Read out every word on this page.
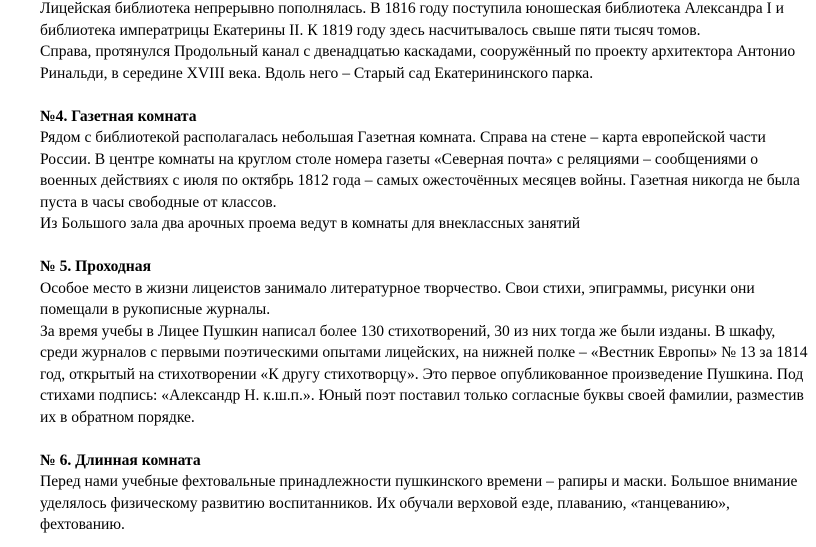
Лицейская библиотека непрерывно пополнялась. В 1816 году поступила юношеская библиотека Александра I и библиотека императрицы Екатерины II. К 1819 году здесь насчитывалось свыше пяти тысяч томов.

Справа, протянулся Продольный канал с двенадцатью каскадами, сооружённый по проекту архитектора Антонио Ринальди, в середине XVIII века. Вдоль него – Старый сад Екатерининского парка.

№4. Газетная комната

Рядом с библиотекой располагалась небольшая Газетная комната. Справа на стене – карта европейской части России. В центре комнаты на круглом столе номера газеты «Северная почта» с реляциями – сообщениями о военных действиях с июля по октябрь 1812 года – самых ожесточённых месяцев войны. Газетная никогда не была пуста в часы свободные от классов.

Из Большого зала два арочных проема ведут в комнаты для внеклассных занятий

№ 5. Проходная

Особое место в жизни лицеистов занимало литературное творчество. Свои стихи, эпиграммы, рисунки они помещали в рукописные журналы.

За время учебы в Лицее Пушкин написал более 130 стихотворений, 30 из них тогда же были изданы. В шкафу, среди журналов с первыми поэтическими опытами лицейских, на нижней полке – «Вестник Европы» № 13 за 1814 год, открытый на стихотворении «К другу стихотворцу». Это первое опубликованное произведение Пушкина. Под стихами подпись: «Александр Н. к.ш.п.». Юный поэт поставил только согласные буквы своей фамилии, разместив их в обратном порядке.

№ 6. Длинная комната

Перед нами учебные фехтовальные принадлежности пушкинского времени – рапиры и маски. Большое внимание уделялось физическому развитию воспитанников. Их обучали верховой езде, плаванию, «танцеванию», фехтованию.
